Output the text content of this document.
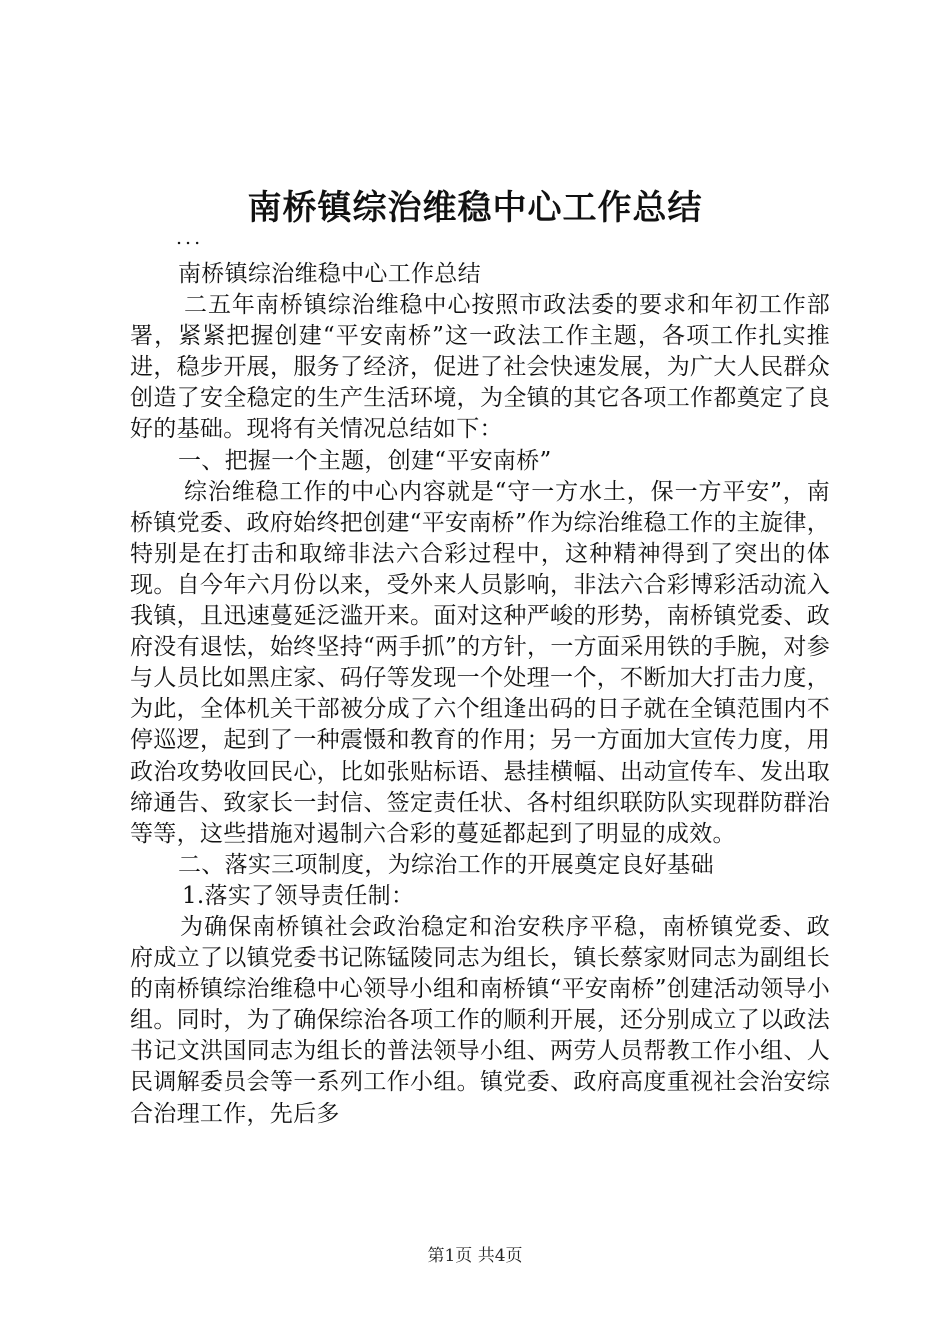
南桥镇综治维稳中心工作总结
...

南桥镇综治维稳中心工作总结

二五年南桥镇综治维稳中心按照市政法委的要求和年初工作部署，紧紧把握创建“平安南桥”这一政法工作主题，各项工作扎实推进，稳步开展，服务了经济，促进了社会快速发展，为广大人民群众创造了安全稳定的生产生活环境，为全镇的其它各项工作都奠定了良好的基础。现将有关情况总结如下：

一、把握一个主题，创建“平安南桥”

综治维稳工作的中心内容就是“守一方水土，保一方平安”，南桥镇党委、政府始终把创建“平安南桥”作为综治维稳工作的主旋律，特别是在打击和取缔非法六合彩过程中，这种精神得到了突出的体现。自今年六月份以来，受外来人员影响，非法六合彩博彩活动流入我镇，且迅速蔓延泛滥开来。面对这种严峻的形势，南桥镇党委、政府没有退怯，始终坚持“两手抓”的方针，一方面采用铁的手腕，对参与人员比如黑庄家、码仔等发现一个处理一个，不断加大打击力度，为此，全体机关干部被分成了六个组逢出码的日子就在全镇范围内不停巡逻，起到了一种震慑和教育的作用；另一方面加大宣传力度，用政治攻势收回民心，比如张贴标语、悬挂横幅、出动宣传车、发出取缔通告、致家长一封信、签定责任状、各村组织联防队实现群防群治等等，这些措施对遏制六合彩的蔓延都起到了明显的成效。

二、落实三项制度，为综治工作的开展奠定良好基础

1.落实了领导责任制：

为确保南桥镇社会政治稳定和治安秩序平稳，南桥镇党委、政府成立了以镇党委书记陈锰陵同志为组长，镇长蔡家财同志为副组长的南桥镇综治维稳中心领导小组和南桥镇“平安南桥”创建活动领导小组。同时，为了确保综治各项工作的顺利开展，还分别成立了以政法书记文洪国同志为组长的普法领导小组、两劳人员帮教工作小组、人民调解委员会等一系列工作小组。镇党委、政府高度重视社会治安综合治理工作，先后多

第1页 共4页
